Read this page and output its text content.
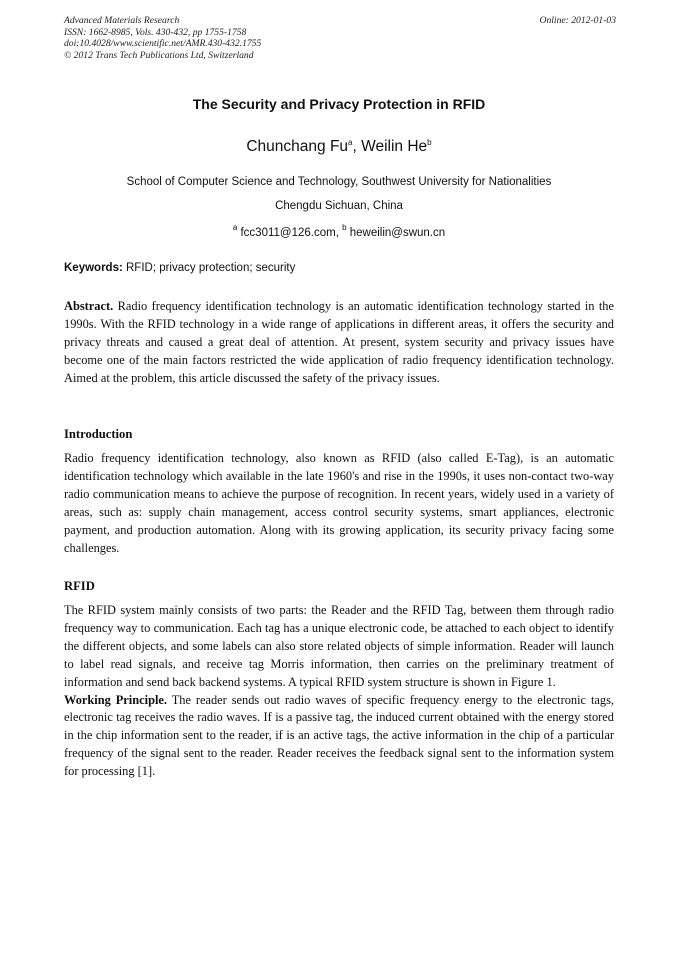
Advanced Materials Research
ISSN: 1662-8985, Vols. 430-432, pp 1755-1758
doi:10.4028/www.scientific.net/AMR.430-432.1755
© 2012 Trans Tech Publications Ltd, Switzerland
Online: 2012-01-03
The Security and Privacy Protection in RFID
Chunchang Fu$^a$, Weilin He$^b$
School of Computer Science and Technology, Southwest University for Nationalities
Chengdu Sichuan, China
$^a$ fcc3011@126.com, $^b$ heweilin@swun.cn
Keywords: RFID; privacy protection; security
Abstract. Radio frequency identification technology is an automatic identification technology started in the 1990s. With the RFID technology in a wide range of applications in different areas, it offers the security and privacy threats and caused a great deal of attention. At present, system security and privacy issues have become one of the main factors restricted the wide application of radio frequency identification technology. Aimed at the problem, this article discussed the safety of the privacy issues.
Introduction
Radio frequency identification technology, also known as RFID (also called E-Tag), is an automatic identification technology which available in the late 1960's and rise in the 1990s, it uses non-contact two-way radio communication means to achieve the purpose of recognition. In recent years, widely used in a variety of areas, such as: supply chain management, access control security systems, smart appliances, electronic payment, and production automation. Along with its growing application, its security privacy facing some challenges.
RFID
The RFID system mainly consists of two parts: the Reader and the RFID Tag, between them through radio frequency way to communication. Each tag has a unique electronic code, be attached to each object to identify the different objects, and some labels can also store related objects of simple information. Reader will launch to label read signals, and receive tag Morris information, then carries on the preliminary treatment of information and send back backend systems. A typical RFID system structure is shown in Figure 1.
Working Principle. The reader sends out radio waves of specific frequency energy to the electronic tags, electronic tag receives the radio waves. If is a passive tag, the induced current obtained with the energy stored in the chip information sent to the reader, if is an active tags, the active information in the chip of a particular frequency of the signal sent to the reader. Reader receives the feedback signal sent to the information system for processing [1].
